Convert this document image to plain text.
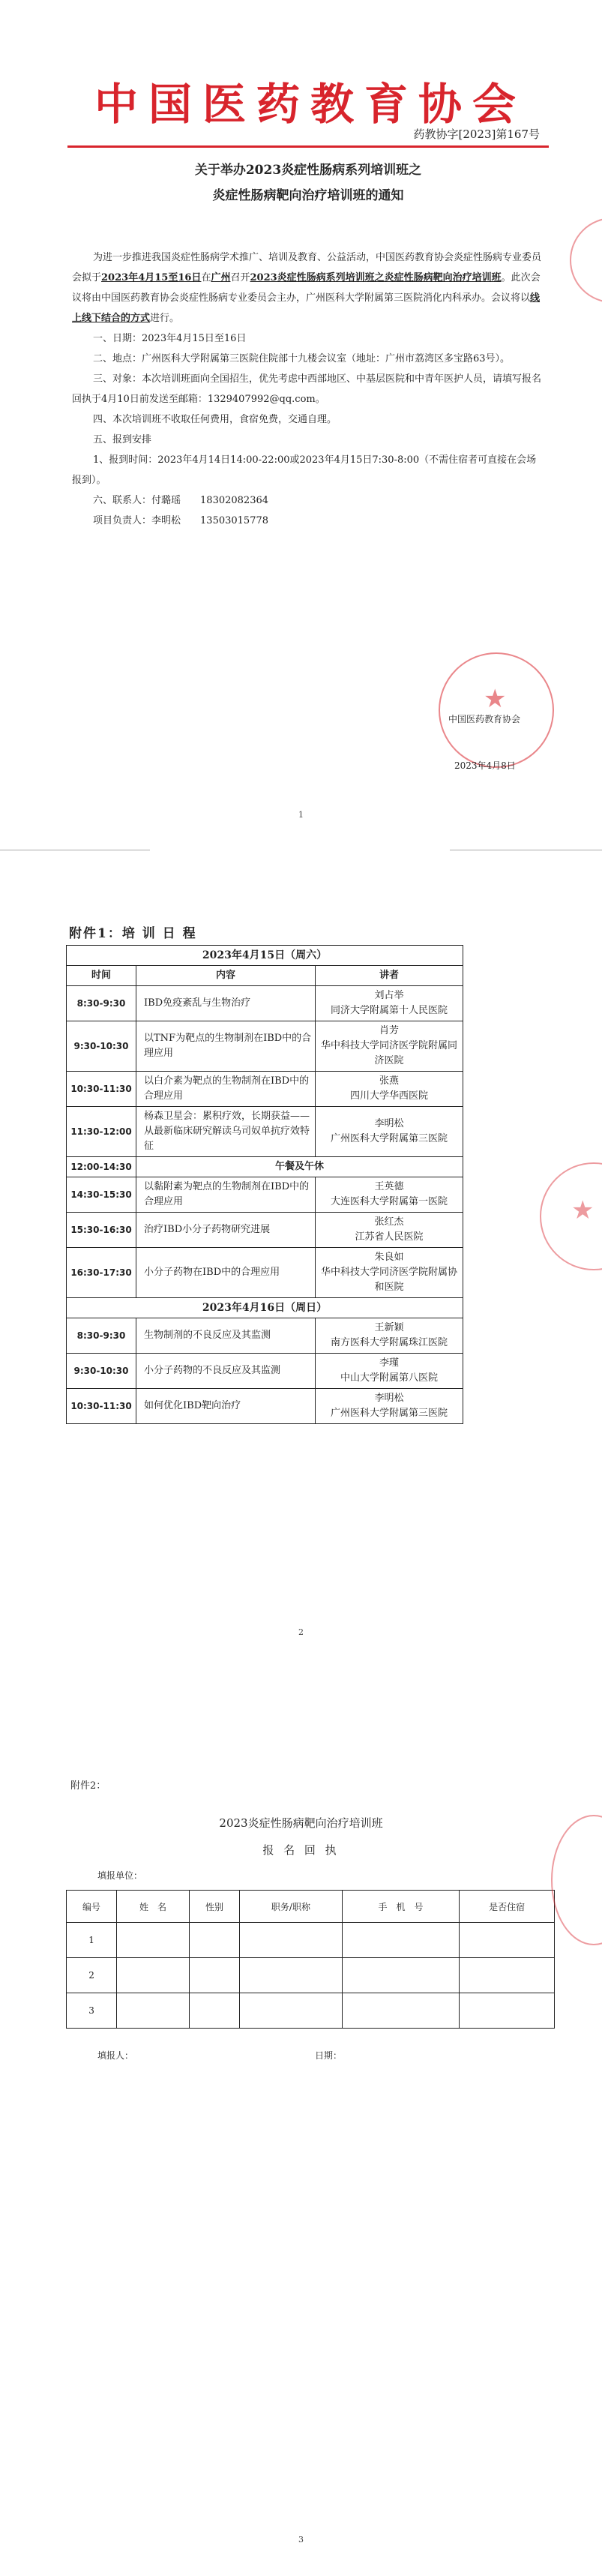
中国医药教育协会
药教协字[2023]第167号
关于举办2023炎症性肠病系列培训班之
炎症性肠病靶向治疗培训班的通知

为进一步推进我国炎症性肠病学术推广、培训及教育、公益活动，中国医药教育协会炎症性肠病专业委员会拟于2023年4月15至16日在广州召开2023炎症性肠病系列培训班之炎症性肠病靶向治疗培训班。此次会议将由中国医药教育协会炎症性肠病专业委员会主办，广州医科大学附属第三医院消化内科承办。会议将以线上线下结合的方式进行。

一、日期：2023年4月15日至16日

二、地点：广州医科大学附属第三医院住院部十九楼会议室（地址：广州市荔湾区多宝路63号）。

三、对象：本次培训班面向全国招生，优先考虑中西部地区、中基层医院和中青年医护人员，请填写报名回执于4月10日前发送至邮箱：1329407992@qq.com。

四、本次培训班不收取任何费用，食宿免费，交通自理。

五、报到安排

1、报到时间：2023年4月14日14:00-22:00或2023年4月15日7:30-8:00（不需住宿者可直接在会场报到）。

六、联系人：付璐瑶　　 18302082364

项目负责人：李明松　　 13503015778

★
中国医药教育协会
2023年4月8日
1
附件1：培 训 日 程
2023年4月15日（周六）		
时间	内容	讲者
8:30-9:30	IBD免疫紊乱与生物治疗	刘占举
同济大学附属第十人民医院

9:30-10:30	以TNF为靶点的生物制剂在IBD中的合理应用	肖芳
华中科技大学同济医学院附属同济医院

10:30-11:30	以白介素为靶点的生物制剂在IBD中的合理应用	张燕
四川大学华西医院

11:30-12:00	杨森卫星会：累积疗效，长期获益——从最新临床研究解读乌司奴单抗疗效特征	李明松
广州医科大学附属第三医院

12:00-14:30	午餐及午休	
14:30-15:30	以黏附素为靶点的生物制剂在IBD中的合理应用	王英德
大连医科大学附属第一医院

15:30-16:30	治疗IBD小分子药物研究进展	张红杰
江苏省人民医院

16:30-17:30	小分子药物在IBD中的合理应用	朱良如
华中科技大学同济医学院附属协和医院

2023年4月16日（周日）		
8:30-9:30	生物制剂的不良反应及其监测	王新颖
南方医科大学附属珠江医院

9:30-10:30	小分子药物的不良反应及其监测	李瑾
中山大学附属第八医院

10:30-11:30	如何优化IBD靶向治疗	李明松
广州医科大学附属第三医院
★
2
附件2：
2023炎症性肠病靶向治疗培训班
报 名 回 执
填报单位：
编号	姓　名	性别	职务/职称	手　机　号	是否住宿
1					
2					
3					
填报人：	日期：
3
